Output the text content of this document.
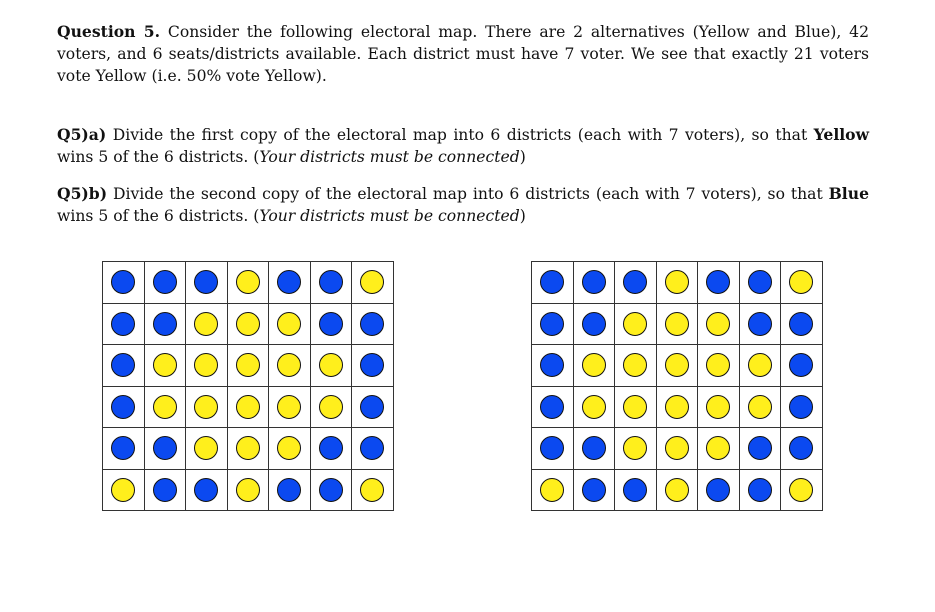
Question 5. Consider the following electoral map. There are 2 alternatives (Yellow and Blue), 42 voters, and 6 seats/districts available. Each district must have 7 voter. We see that exactly 21 voters vote Yellow (i.e. 50% vote Yellow).

Q5)a) Divide the first copy of the electoral map into 6 districts (each with 7 voters), so that Yellow wins 5 of the 6 districts. (Your districts must be connected)

Q5)b) Divide the second copy of the electoral map into 6 districts (each with 7 voters), so that Blue wins 5 of the 6 districts. (Your districts must be connected)
